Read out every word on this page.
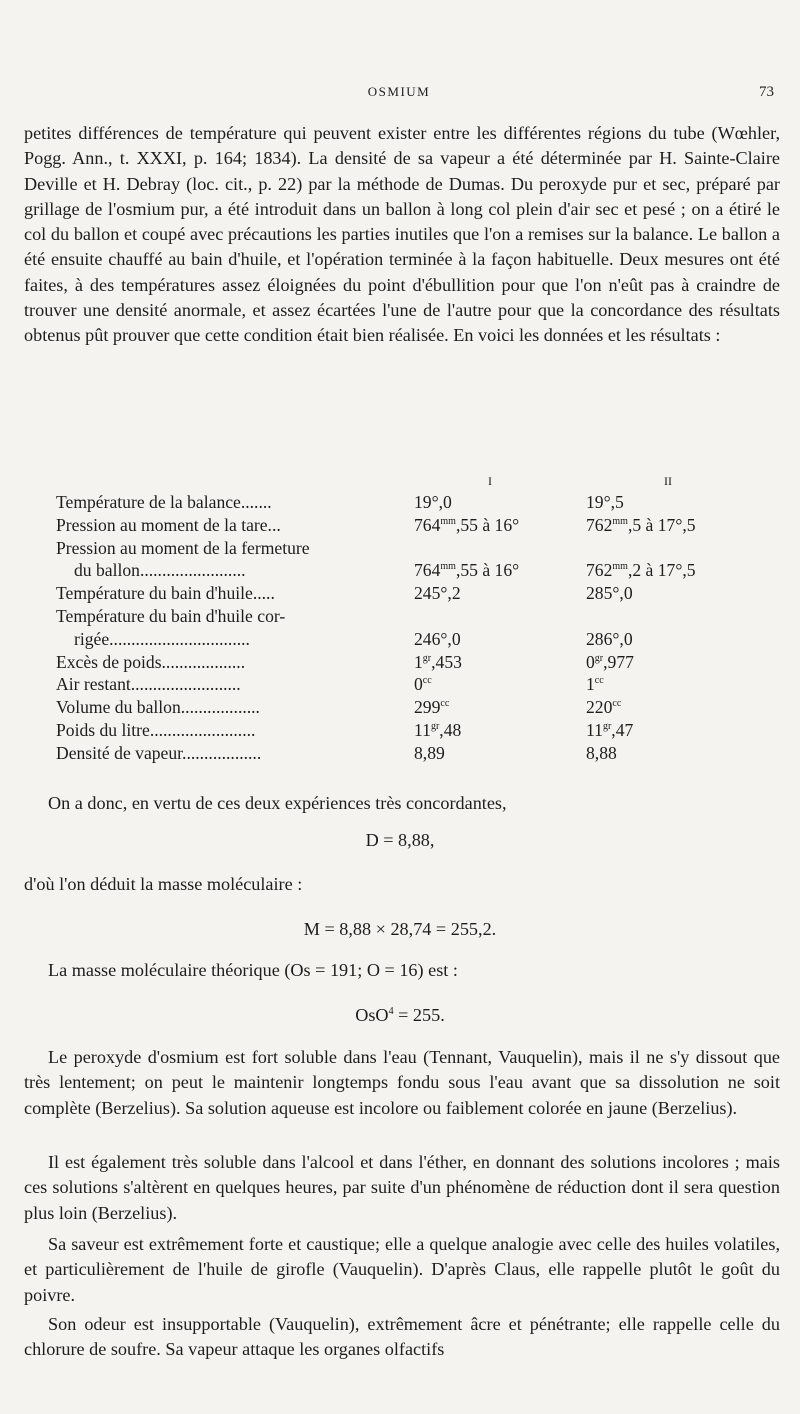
OSMIUM	73

petites différences de température qui peuvent exister entre les différentes régions du tube (Wœhler, Pogg. Ann., t. XXXI, p. 164; 1834). La densité de sa vapeur a été déterminée par H. Sainte-Claire Deville et H. Debray (loc. cit., p. 22) par la méthode de Dumas. Du peroxyde pur et sec, préparé par grillage de l'osmium pur, a été introduit dans un ballon à long col plein d'air sec et pesé ; on a étiré le col du ballon et coupé avec précautions les parties inutiles que l'on a remises sur la balance. Le ballon a été ensuite chauffé au bain d'huile, et l'opération terminée à la façon habituelle. Deux mesures ont été faites, à des températures assez éloignées du point d'ébullition pour que l'on n'eût pas à craindre de trouver une densité anormale, et assez écartées l'une de l'autre pour que la concordance des résultats obtenus pût prouver que cette condition était bien réalisée. En voici les données et les résultats :

I	II
Température de la balance.......	19°,0	19°,5
Pression au moment de la tare...	$764^{mm},55$ à 16°	$762^{mm},5$ à 17°,5
Pression au moment de la fermeture
du ballon........................	$764^{mm},55$ à 16°	$762^{mm},2$ à 17°,5
Température du bain d'huile.....	245°,2	285°,0
Température du bain d'huile cor-
rigée................................	246°,0	286°,0
Excès de poids...................	$1^{gr},453$	$0^{gr},977$
Air restant.........................	$0^{cc}$	$1^{cc}$
Volume du ballon..................	$299^{cc}$	$220^{cc}$
Poids du litre........................	$11^{gr},48$	$11^{gr},47$
Densité de vapeur..................	8,89	8,88

On a donc, en vertu de ces deux expériences très concordantes,

D = 8,88,

d'où l'on déduit la masse moléculaire :

M = 8,88 × 28,74 = 255,2.

La masse moléculaire théorique (Os = 191; O = 16) est :

OsO$^4$ = 255.

Le peroxyde d'osmium est fort soluble dans l'eau (Tennant, Vauquelin), mais il ne s'y dissout que très lentement; on peut le maintenir longtemps fondu sous l'eau avant que sa dissolution ne soit complète (Berzelius). Sa solution aqueuse est incolore ou faiblement colorée en jaune (Berzelius).

Il est également très soluble dans l'alcool et dans l'éther, en donnant des solutions incolores ; mais ces solutions s'altèrent en quelques heures, par suite d'un phénomène de réduction dont il sera question plus loin (Berzelius).

Sa saveur est extrêmement forte et caustique; elle a quelque analogie avec celle des huiles volatiles, et particulièrement de l'huile de girofle (Vauquelin). D'après Claus, elle rappelle plutôt le goût du poivre.

Son odeur est insupportable (Vauquelin), extrêmement âcre et pénétrante; elle rappelle celle du chlorure de soufre. Sa vapeur attaque les organes olfactifs
